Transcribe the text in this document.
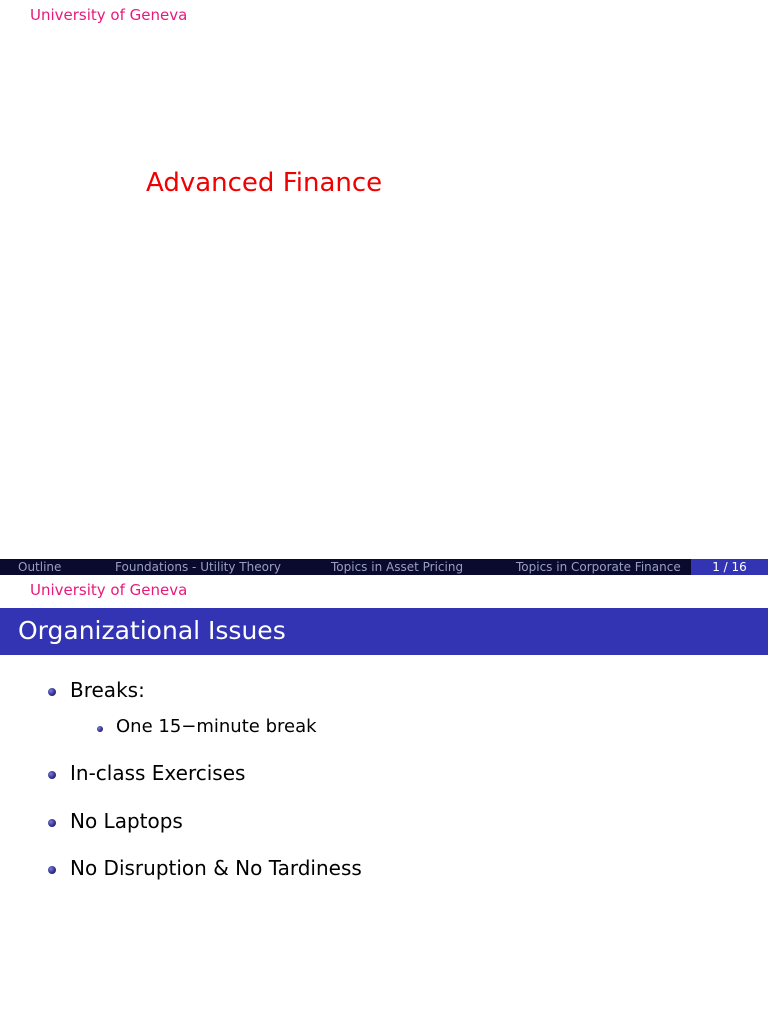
University of Geneva
Advanced Finance
Outline	Foundations - Utility Theory	Topics in Asset Pricing	Topics in Corporate Finance	1 / 16
University of Geneva
Organizational Issues
Breaks:
One 15−minute break
In-class Exercises
No Laptops
No Disruption & No Tardiness
